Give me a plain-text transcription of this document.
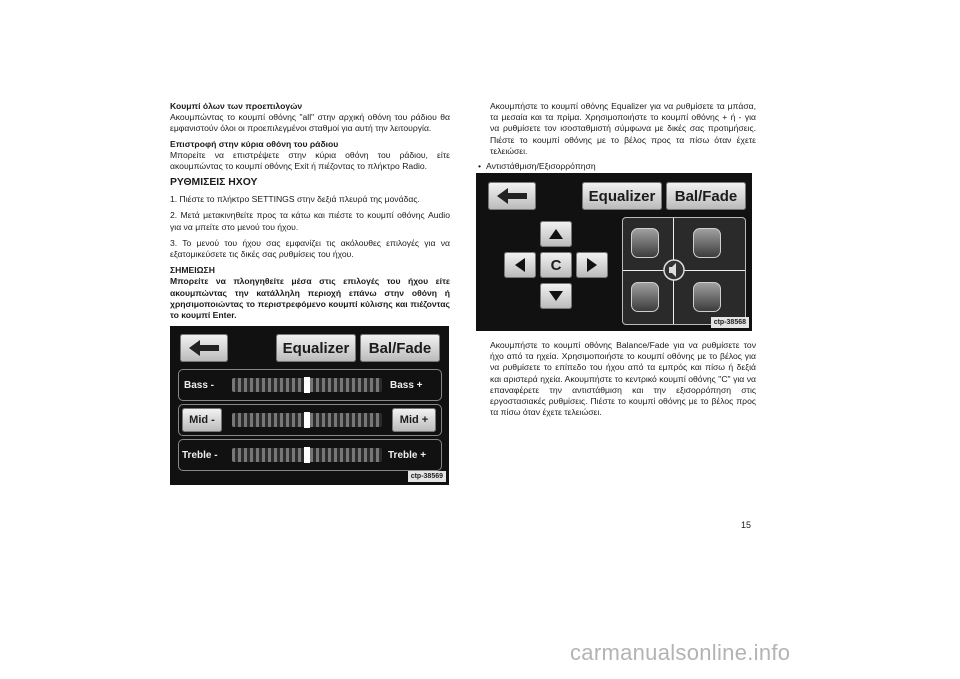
Κουμπί όλων των προεπιλογών
Ακουμπώντας το κουμπί οθόνης "all" στην αρχική οθόνη του ράδιου θα εμφανιστούν όλοι οι προεπιλεγμένοι σταθμοί για αυτή την λειτουργία.
Επιστροφή στην κύρια οθόνη του ράδιου
Μπορείτε να επιστρέψετε στην κύρια οθόνη του ράδιου, είτε ακουμπώντας το κουμπί οθόνης Exit ή πιέζοντας το πλήκτρο Radio.
ΡΥΘΜΙΣΕΙΣ ΗΧΟΥ
1. Πιέστε το πλήκτρο SETTINGS στην δεξιά πλευρά της μονάδας.
2. Μετά μετακινηθείτε προς τα κάτω και πιέστε το κουμπί οθόνης Audio για να μπείτε στο μενού του ήχου.
3. Το μενού του ήχου σας εμφανίζει τις ακόλουθες επιλογές για να εξατομικεύσετε τις δικές σας ρυθμίσεις του ήχου.
ΣΗΜΕΙΩΣΗ
Μπορείτε να πλοηγηθείτε μέσα στις επιλογές του ήχου είτε ακουμπώντας την κατάλληλη περιοχή επάνω στην οθόνη ή χρησιμοποιώντας το περιστρεφόμενο κουμπί κύλισης και πιέζοντας το κουμπί Enter.
•
Equalizer	Bal/Fade
Bass -	Bass +
Mid -	Mid +
Treble -	Treble +
ctp-38569
Ακουμπήστε το κουμπί οθόνης Equalizer για να ρυθμίσετε τα μπάσα, τα μεσαία και τα πρίμα. Χρησιμοποιήστε το κουμπί οθόνης + ή - για να ρυθμίσετε τον ισοσταθμιστή σύμφωνα με δικές σας προτιμήσεις. Πιέστε το κουμπί οθόνης με το βέλος προς τα πίσω όταν έχετε τελειώσει.
• Αντιστάθμιση/Εξισορρόπηση
Equalizer	Bal/Fade
C
ctp-38568
Ακουμπήστε το κουμπί οθόνης Balance/Fade για να ρυθμίσετε τον ήχο από τα ηχεία. Χρησιμοποιήστε το κουμπί οθόνης με το βέλος για να ρυθμίσετε το επίπεδο του ήχου από τα εμπρός και πίσω ή δεξιά και αριστερά ηχεία. Ακουμπήστε το κεντρικό κουμπί οθόνης "C" για να επαναφέρετε την αντιστάθμιση και την εξισορρόπηση στις εργοστασιακές ρυθμίσεις. Πιέστε το κουμπί οθόνης με το βέλος προς τα πίσω όταν έχετε τελειώσει.
15
carmanualsonline.info
